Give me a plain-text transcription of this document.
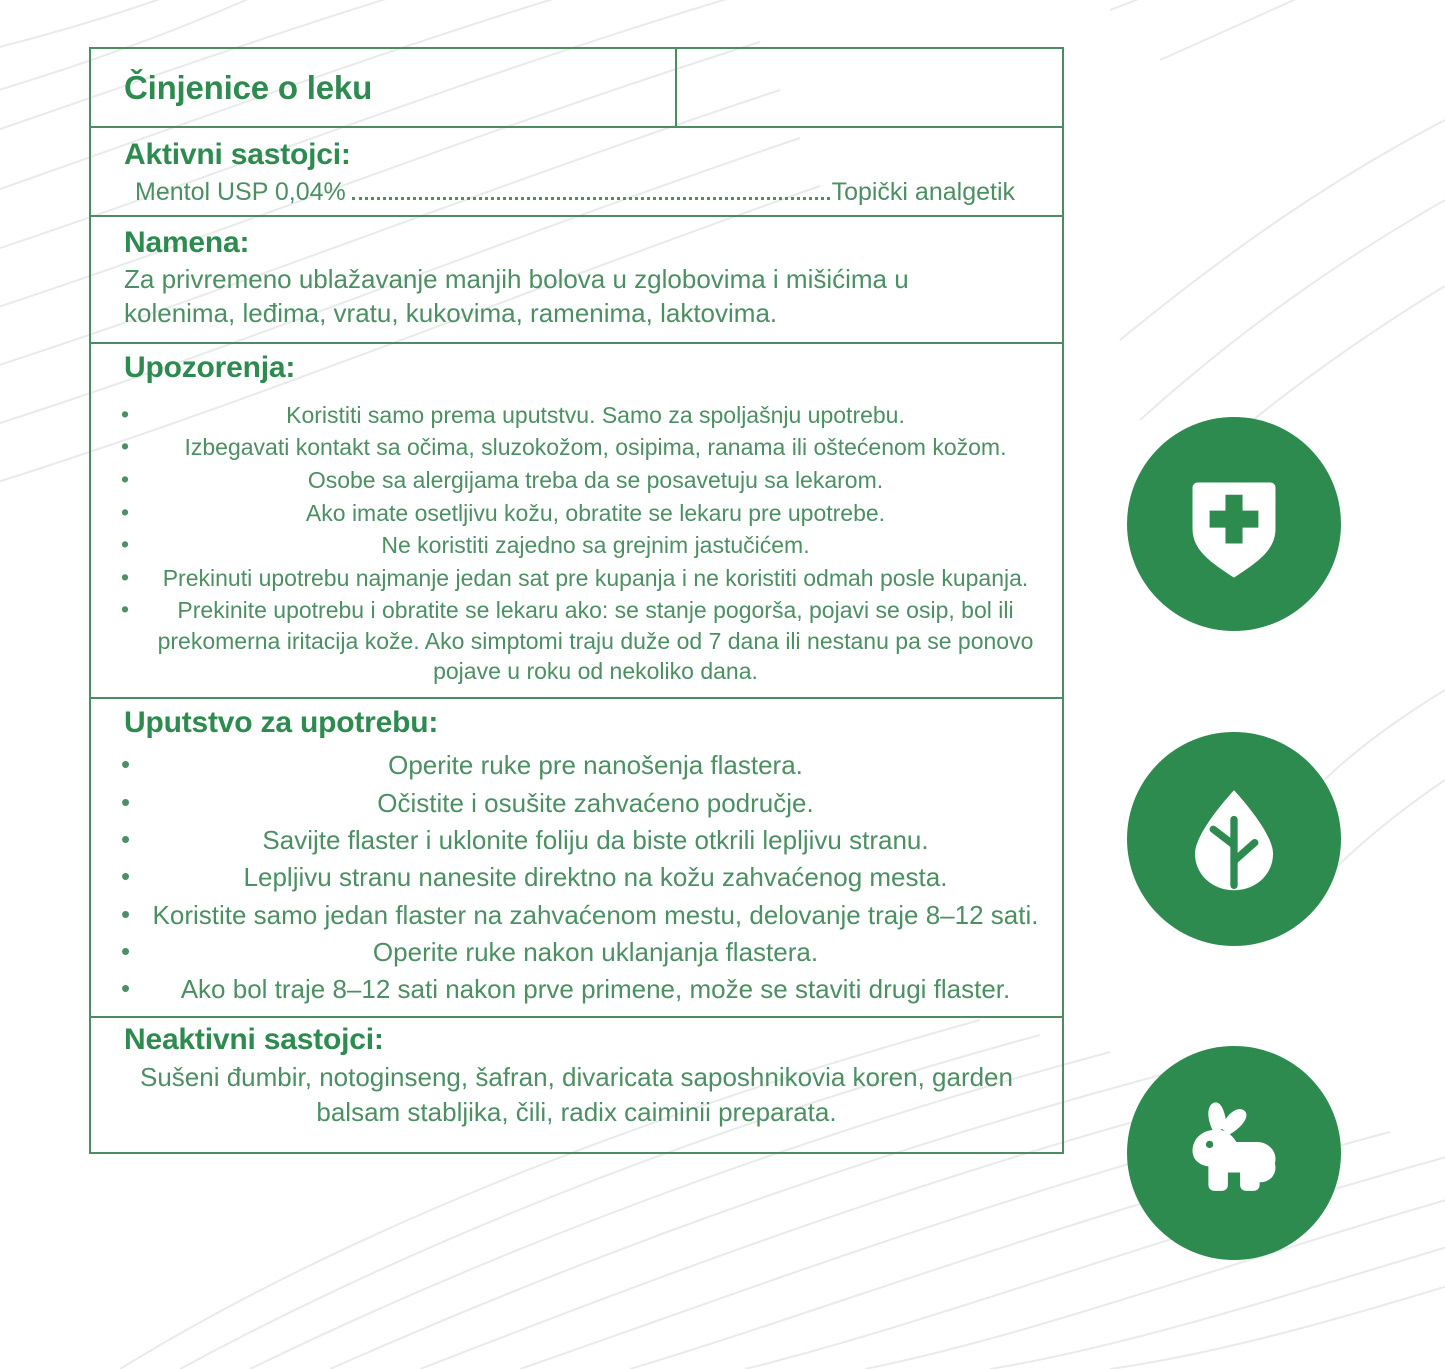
Činjenice o leku
Aktivni sastojci:
Mentol USP 0,04%	Topički analgetik
Namena:
Za privremeno ublažavanje manjih bolova u zglobovima i mišićima u kolenima, leđima, vratu, kukovima, ramenima, laktovima.
Upozorenja:
• Koristiti samo prema uputstvu. Samo za spoljašnju upotrebu.
• Izbegavati kontakt sa očima, sluzokožom, osipima, ranama ili oštećenom kožom.
• Osobe sa alergijama treba da se posavetuju sa lekarom.
• Ako imate osetljivu kožu, obratite se lekaru pre upotrebe.
• Ne koristiti zajedno sa grejnim jastučićem.
• Prekinuti upotrebu najmanje jedan sat pre kupanja i ne koristiti odmah posle kupanja.
• Prekinite upotrebu i obratite se lekaru ako: se stanje pogorša, pojavi se osip, bol ili prekomerna iritacija kože. Ako simptomi traju duže od 7 dana ili nestanu pa se ponovo pojave u roku od nekoliko dana.
Uputstvo za upotrebu:
• Operite ruke pre nanošenja flastera.
• Očistite i osušite zahvaćeno područje.
• Savijte flaster i uklonite foliju da biste otkrili lepljivu stranu.
• Lepljivu stranu nanesite direktno na kožu zahvaćenog mesta.
• Koristite samo jedan flaster na zahvaćenom mestu, delovanje traje 8–12 sati.
• Operite ruke nakon uklanjanja flastera.
• Ako bol traje 8–12 sati nakon prve primene, može se staviti drugi flaster.
Neaktivni sastojci:
Sušeni đumbir, notoginseng, šafran, divaricata saposhnikovia koren, garden balsam stabljika, čili, radix caiminii preparata.
